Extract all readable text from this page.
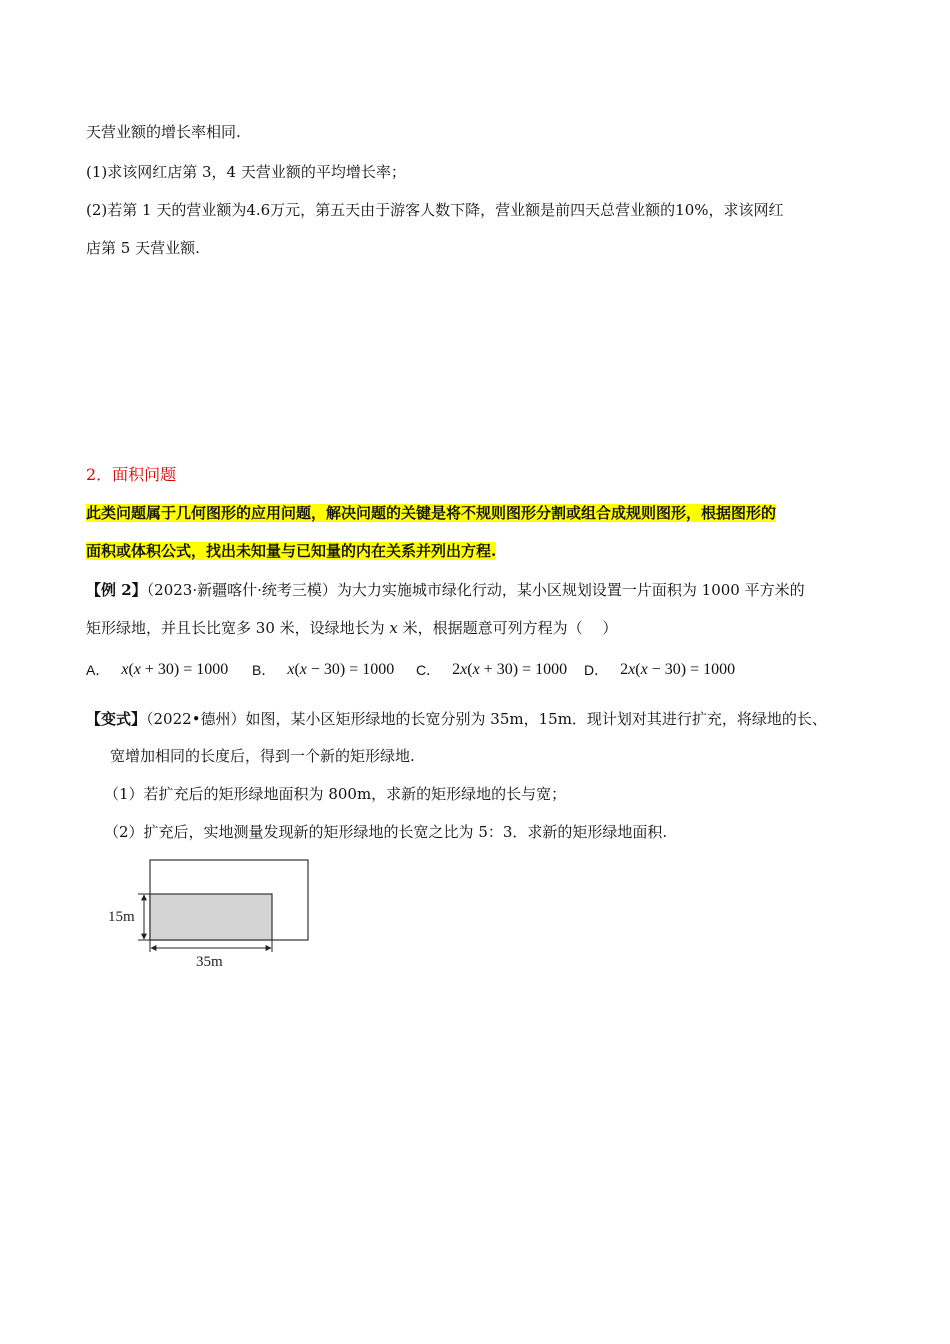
天营业额的增长率相同.
(1)求该网红店第 3，4 天营业额的平均增长率；
(2)若第 1 天的营业额为4.6万元，第五天由于游客人数下降，营业额是前四天总营业额的10%，求该网红
店第 5 天营业额.
2．面积问题
此类问题属于几何图形的应用问题，解决问题的关键是将不规则图形分割或组合成规则图形，根据图形的
面积或体积公式，找出未知量与已知量的内在关系并列出方程.
【例 2】（2023·新疆喀什·统考三模）为大力实施城市绿化行动，某小区规划设置一片面积为 1000 平方米的
矩形绿地，并且长比宽多 30 米，设绿地长为 x 米，根据题意可列方程为（　 ）
A． x(x + 30) = 1000 B． x(x − 30) = 1000 C． 2x(x + 30) = 1000 D． 2x(x − 30) = 1000
【变式】（2022•德州）如图，某小区矩形绿地的长宽分别为 35m，15m．现计划对其进行扩充，将绿地的长、
宽增加相同的长度后，得到一个新的矩形绿地.
（1）若扩充后的矩形绿地面积为 800m，求新的矩形绿地的长与宽；
（2）扩充后，实地测量发现新的矩形绿地的长宽之比为 5：3．求新的矩形绿地面积.
15m
35m
